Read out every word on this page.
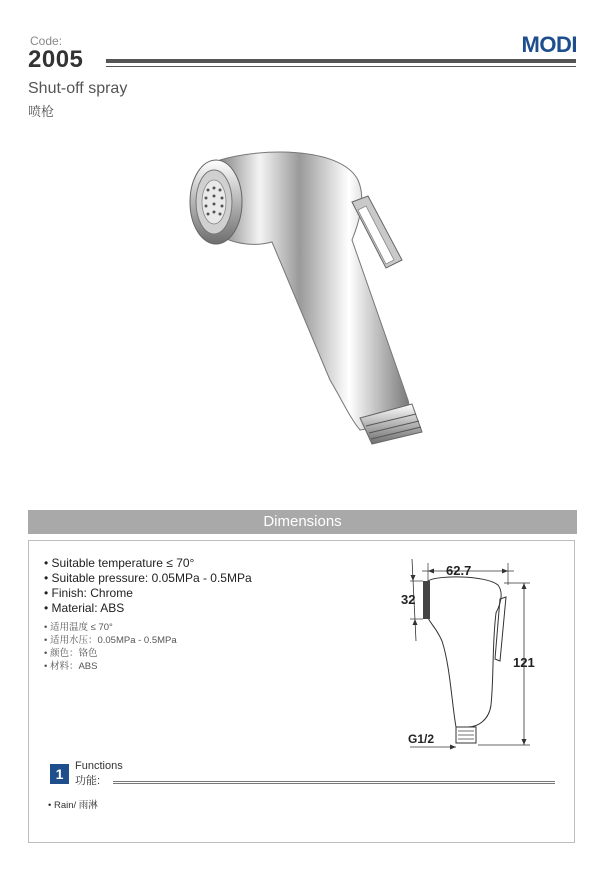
Code:
2005
MODI
Shut-off spray
喷枪
Dimensions
• Suitable temperature ≤ 70°
• Suitable pressure: 0.05MPa - 0.5MPa
• Finish: Chrome
• Material: ABS
• 适用温度 ≤ 70°
• 适用水压：0.05MPa - 0.5MPa
• 颜色：铬色
• 材料：ABS
62.7
32
121
G1/2
1	Functions
功能:
• Rain/ 雨淋
